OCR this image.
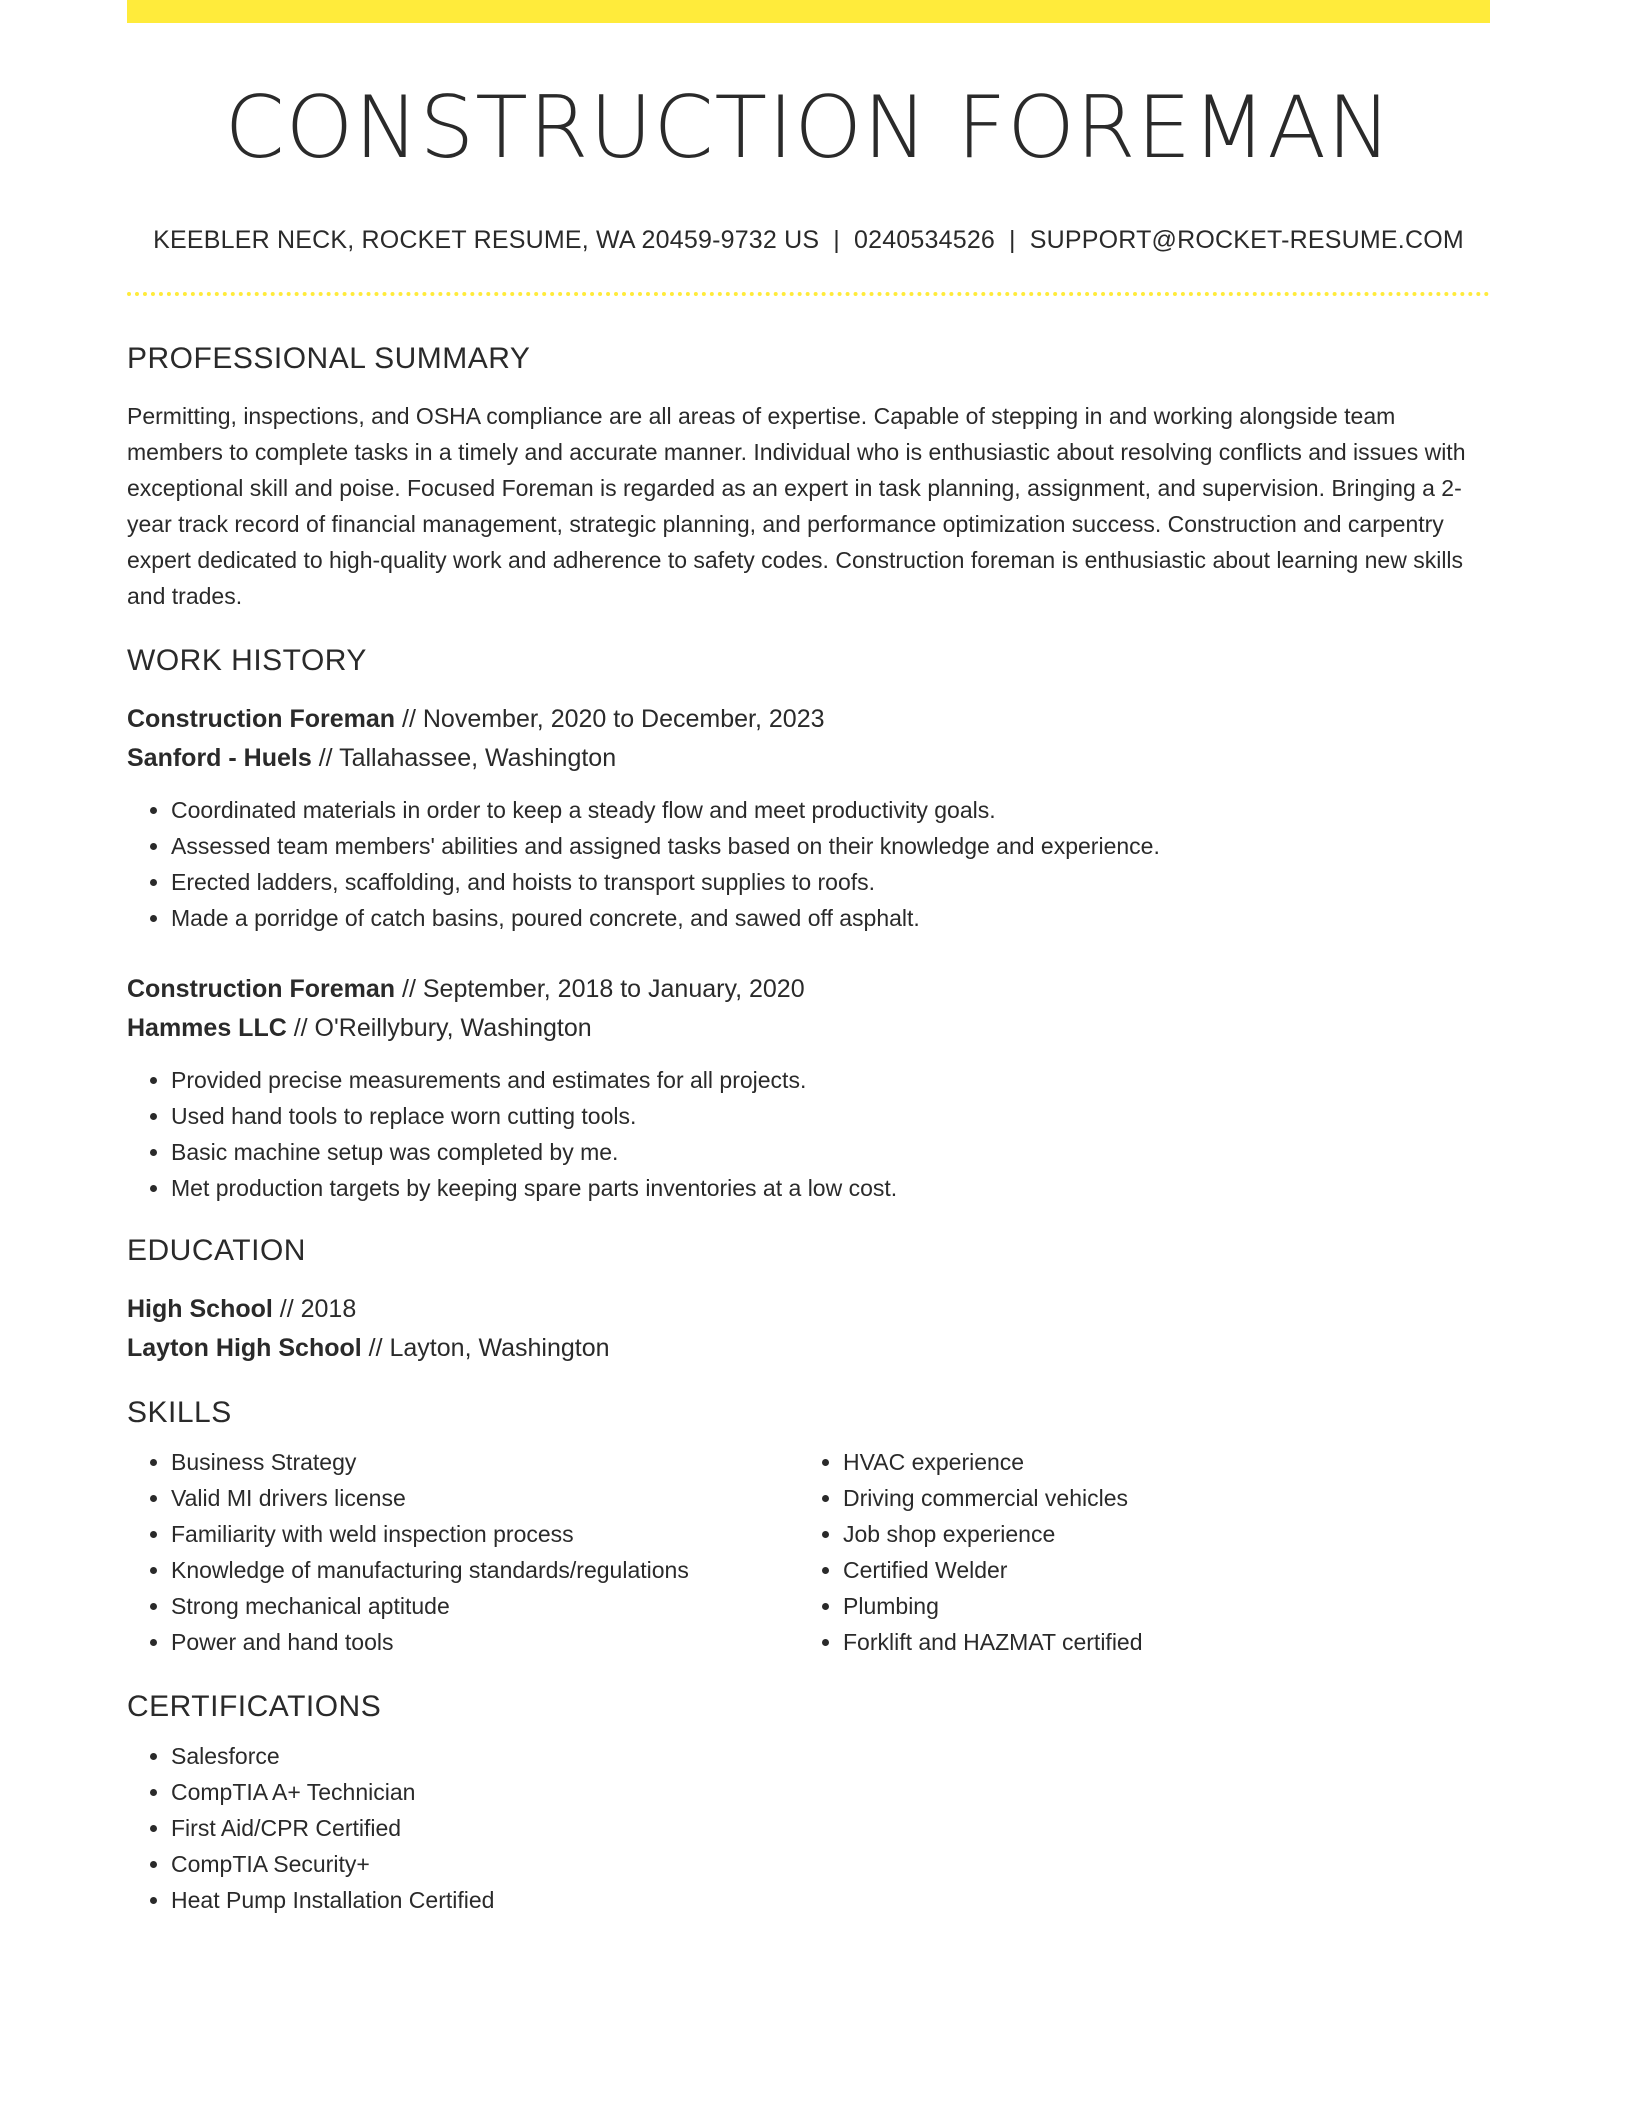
CONSTRUCTION FOREMAN
KEEBLER NECK, ROCKET RESUME, WA 20459-9732 US | 0240534526 | SUPPORT@ROCKET-RESUME.COM
PROFESSIONAL SUMMARY

Permitting, inspections, and OSHA compliance are all areas of expertise. Capable of stepping in and working alongside team members to complete tasks in a timely and accurate manner. Individual who is enthusiastic about resolving conflicts and issues with exceptional skill and poise. Focused Foreman is regarded as an expert in task planning, assignment, and supervision. Bringing a 2-year track record of financial management, strategic planning, and performance optimization success. Construction and carpentry expert dedicated to high-quality work and adherence to safety codes. Construction foreman is enthusiastic about learning new skills and trades.

WORK HISTORY
Construction Foreman // November, 2020 to December, 2023
Sanford - Huels // Tallahassee, Washington
• Coordinated materials in order to keep a steady flow and meet productivity goals.
• Assessed team members' abilities and assigned tasks based on their knowledge and experience.
• Erected ladders, scaffolding, and hoists to transport supplies to roofs.
• Made a porridge of catch basins, poured concrete, and sawed off asphalt.
Construction Foreman // September, 2018 to January, 2020
Hammes LLC // O'Reillybury, Washington
• Provided precise measurements and estimates for all projects.
• Used hand tools to replace worn cutting tools.
• Basic machine setup was completed by me.
• Met production targets by keeping spare parts inventories at a low cost.
EDUCATION
High School // 2018
Layton High School // Layton, Washington
SKILLS
• Business Strategy
• Valid MI drivers license
• Familiarity with weld inspection process
• Knowledge of manufacturing standards/regulations
• Strong mechanical aptitude
• Power and hand tools
• HVAC experience
• Driving commercial vehicles
• Job shop experience
• Certified Welder
• Plumbing
• Forklift and HAZMAT certified
CERTIFICATIONS
• Salesforce
• CompTIA A+ Technician
• First Aid/CPR Certified
• CompTIA Security+
• Heat Pump Installation Certified
